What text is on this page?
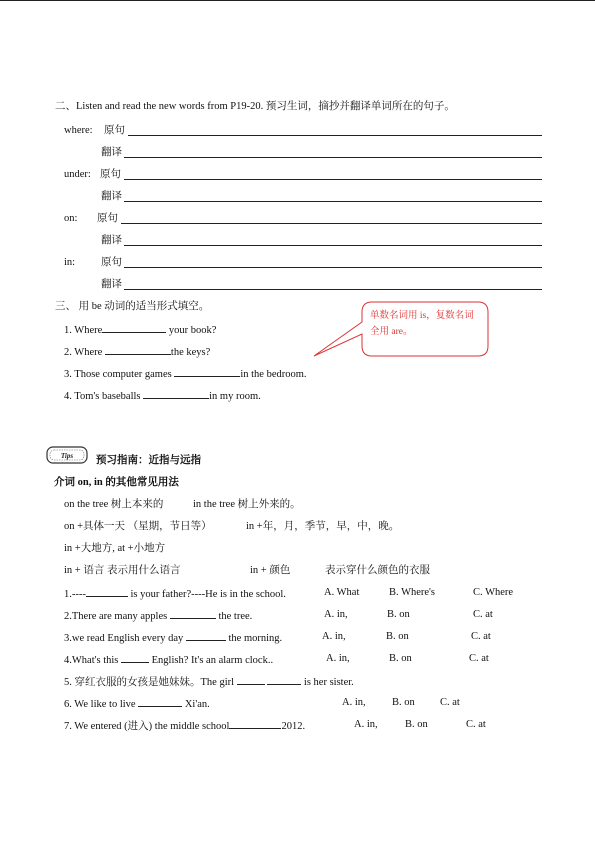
二、Listen and read the new words from P19-20. 预习生词，摘抄并翻译单词所在的句子。
where: 原句
翻译
under: 原句
翻译
on: 原句
翻译
in: 原句
翻译
三、 用 be 动词的适当形式填空。
1. Where	your book?
2. Where	the keys?
3. Those computer games	in the bedroom.
4. Tom's baseballs	in my room.
单数名词用 is，复数名词全用 are。
Tips 预习指南：近指与远指
介词 on, in 的其他常见用法
on the tree 树上本来的	in the tree 树上外来的。
on +具体一天 （星期，节日等）	in +年，月，季节，早，中，晚。
in +大地方, at +小地方
in + 语言 表示用什么语言	in + 颜色	表示穿什么颜色的衣服
1.----	is your father?----He is in the school.	A. What	B. Where's	C. Where
2.There are many apples	the tree.	A. in,	B. on	C. at
3.we read English every day	the morning.	A. in,	B. on	C. at
4.What's this	English? It's an alarm clock..	A. in,	B. on	C. at
5. 穿红衣服的女孩是她妹妹。The girl	is her sister.
6. We like to live	Xi'an.	A. in,	B. on C. at
7. We entered (进入) the middle school	2012.	A. in,	B. on	C. at
